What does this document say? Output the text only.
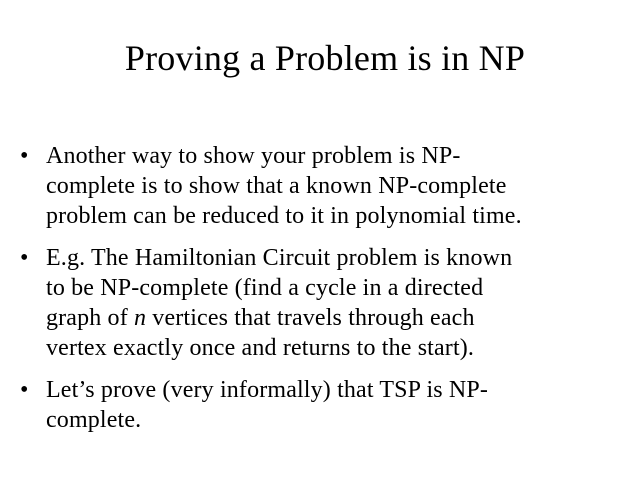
Proving a Problem is in NP
• Another way to show your problem is NP-
complete is to show that a known NP-complete
problem can be reduced to it in polynomial time.
• E.g. The Hamiltonian Circuit problem is known
to be NP-complete (find a cycle in a directed
graph of n vertices that travels through each
vertex exactly once and returns to the start).
• Let’s prove (very informally) that TSP is NP-
complete.
